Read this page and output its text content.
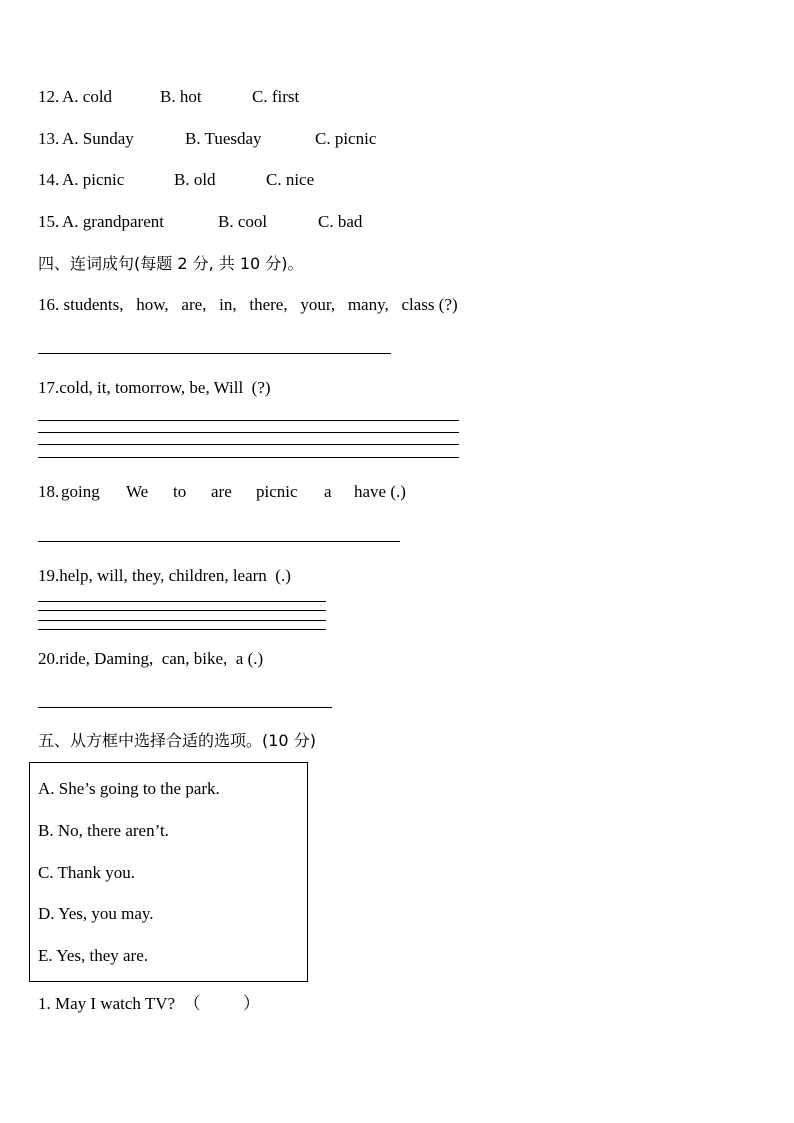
12. A. cold	B. hot	C. first
13. A. Sunday	B. Tuesday	C. picnic
14. A. picnic	B. old	C. nice
15. A. grandparent	B. cool	C. bad
四、连词成句(每题 2 分, 共 10 分)。
16. students,   how,   are,   in,   there,   your,   many,   class (?)
17.cold, it, tomorrow, be, Will  (?)
18. going We to are picnic a have (.)
19.help, will, they, children, learn  (.)
20.ride, Daming,  can, bike,  a (.)
五、从方框中选择合适的选项。(10 分)
A. She’s going to the park.
B. No, there aren’t.
C. Thank you.
D. Yes, you may.
E. Yes, they are.
1. May I watch TV?  （          ）
